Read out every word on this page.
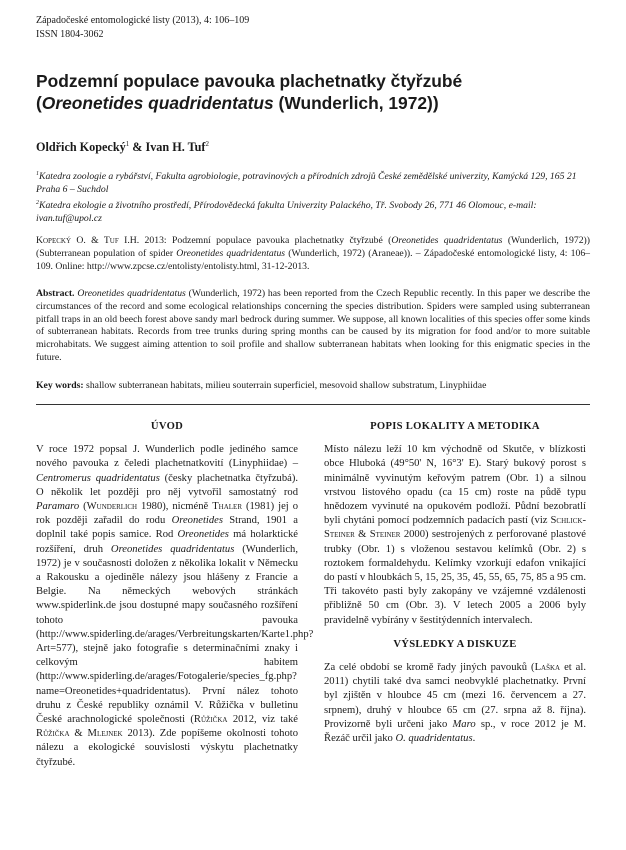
Západočeské entomologické listy (2013), 4: 106–109
ISSN 1804-3062
Podzemní populace pavouka plachetnatky čtyřzubé
(Oreonetides quadridentatus (Wunderlich, 1972))
Oldřich Kopecký$^1$ & Ivan H. Tuf$^2$

$^1$Katedra zoologie a rybářství, Fakulta agrobiologie, potravinových a přírodních zdrojů České zemědělské univerzity, Kamýcká 129, 165 21 Praha 6 – Suchdol

$^2$Katedra ekologie a životního prostředí, Přírodovědecká fakulta Univerzity Palackého, Tř. Svobody 26, 771 46 Olomouc, e-mail: ivan.tuf@upol.cz

Kopecký O. & Tuf I.H. 2013: Podzemní populace pavouka plachetnatky čtyřzubé (Oreonetides quadridentatus (Wunderlich, 1972)) (Subterranean population of spider Oreonetides quadridentatus (Wunderlich, 1972) (Araneae)). – Západočeské entomologické listy, 4: 106–109. Online: http://www.zpcse.cz/entolisty/entolisty.html, 31-12-2013.
Abstract. Oreonetides quadridentatus (Wunderlich, 1972) has been reported from the Czech Republic recently. In this paper we describe the circumstances of the record and some ecological relationships concerning the species distribution. Spiders were sampled using subterranean pitfall traps in an old beech forest above sandy marl bedrock during summer. We suppose, all known localities of this species offer some kinds of subterranean habitats. Records from tree trunks during spring months can be caused by its migration for food and/or to more suitable microhabitats. We suggest aiming attention to soil profile and shallow subterranean habitats when looking for this enigmatic species in the future.
Key words: shallow subterranean habitats, milieu souterrain superficiel, mesovoid shallow substratum, Linyphiidae
ÚVOD

V roce 1972 popsal J. Wunderlich podle jediného samce nového pavouka z čeledi plachetnatkovití (Linyphiidae) – Centromerus quadridentatus (česky plachetnatka čtyřzubá). O několik let později pro něj vytvořil samostatný rod Paramaro (Wunderlich 1980), nicméně Thaler (1981) jej o rok později zařadil do rodu Oreonetides Strand, 1901 a doplnil také popis samice. Rod Oreonetides má holarktické rozšíření, druh Oreonetides quadridentatus (Wunderlich, 1972) je v současnosti doložen z několika lokalit v Německu a Rakousku a ojediněle nálezy jsou hlášeny z Francie a Belgie. Na německých webových stránkách www.spiderlink.de jsou dostupné mapy současného rozšíření tohoto pavouka (http://www.spiderling.de/arages/Verbreitungskarten/Karte1.php?Art=577), stejně jako fotografie s determinačními znaky i celkovým habitem (http://www.spiderling.de/arages/Fotogalerie/species_fg.php?name=Oreonetides+quadridentatus). První nález tohoto druhu z České republiky oznámil V. Růžička v bulletinu České arachnologické společnosti (Růžička 2012, viz také Růžička & Mlejnek 2013). Zde popíšeme okolnosti tohoto nálezu a ekologické souvislosti výskytu plachetnatky čtyřzubé.

POPIS LOKALITY A METODIKA

Místo nálezu leží 10 km východně od Skutče, v blízkosti obce Hluboká (49°50' N, 16°3' E). Starý bukový porost s minimálně vyvinutým keřovým patrem (Obr. 1) a silnou vrstvou listového opadu (ca 15 cm) roste na půdě typu hnědozem vyvinuté na opukovém podloží. Půdní bezobratlí byli chytáni pomocí podzemních padacích pastí (viz Schlick-Steiner & Steiner 2000) sestrojených z perforované plastové trubky (Obr. 1) s vloženou sestavou kelímků (Obr. 2) s roztokem formaldehydu. Kelímky vzorkují edafon vnikající do pastí v hloubkách 5, 15, 25, 35, 45, 55, 65, 75, 85 a 95 cm. Tři takovéto pasti byly zakopány ve vzájemné vzdálenosti přibližně 50 cm (Obr. 3). V letech 2005 a 2006 byly pravidelně vybírány v šestitýdenních intervalech.

VÝSLEDKY A DISKUZE

Za celé období se kromě řady jiných pavouků (Laška et al. 2011) chytili také dva samci neobvyklé plachetnatky. První byl zjištěn v hloubce 45 cm (mezi 16. červencem a 27. srpnem), druhý v hloubce 65 cm (27. srpna až 8. října). Provizorně byli určeni jako Maro sp., v roce 2012 je M. Řezáč určil jako O. quadridentatus.
